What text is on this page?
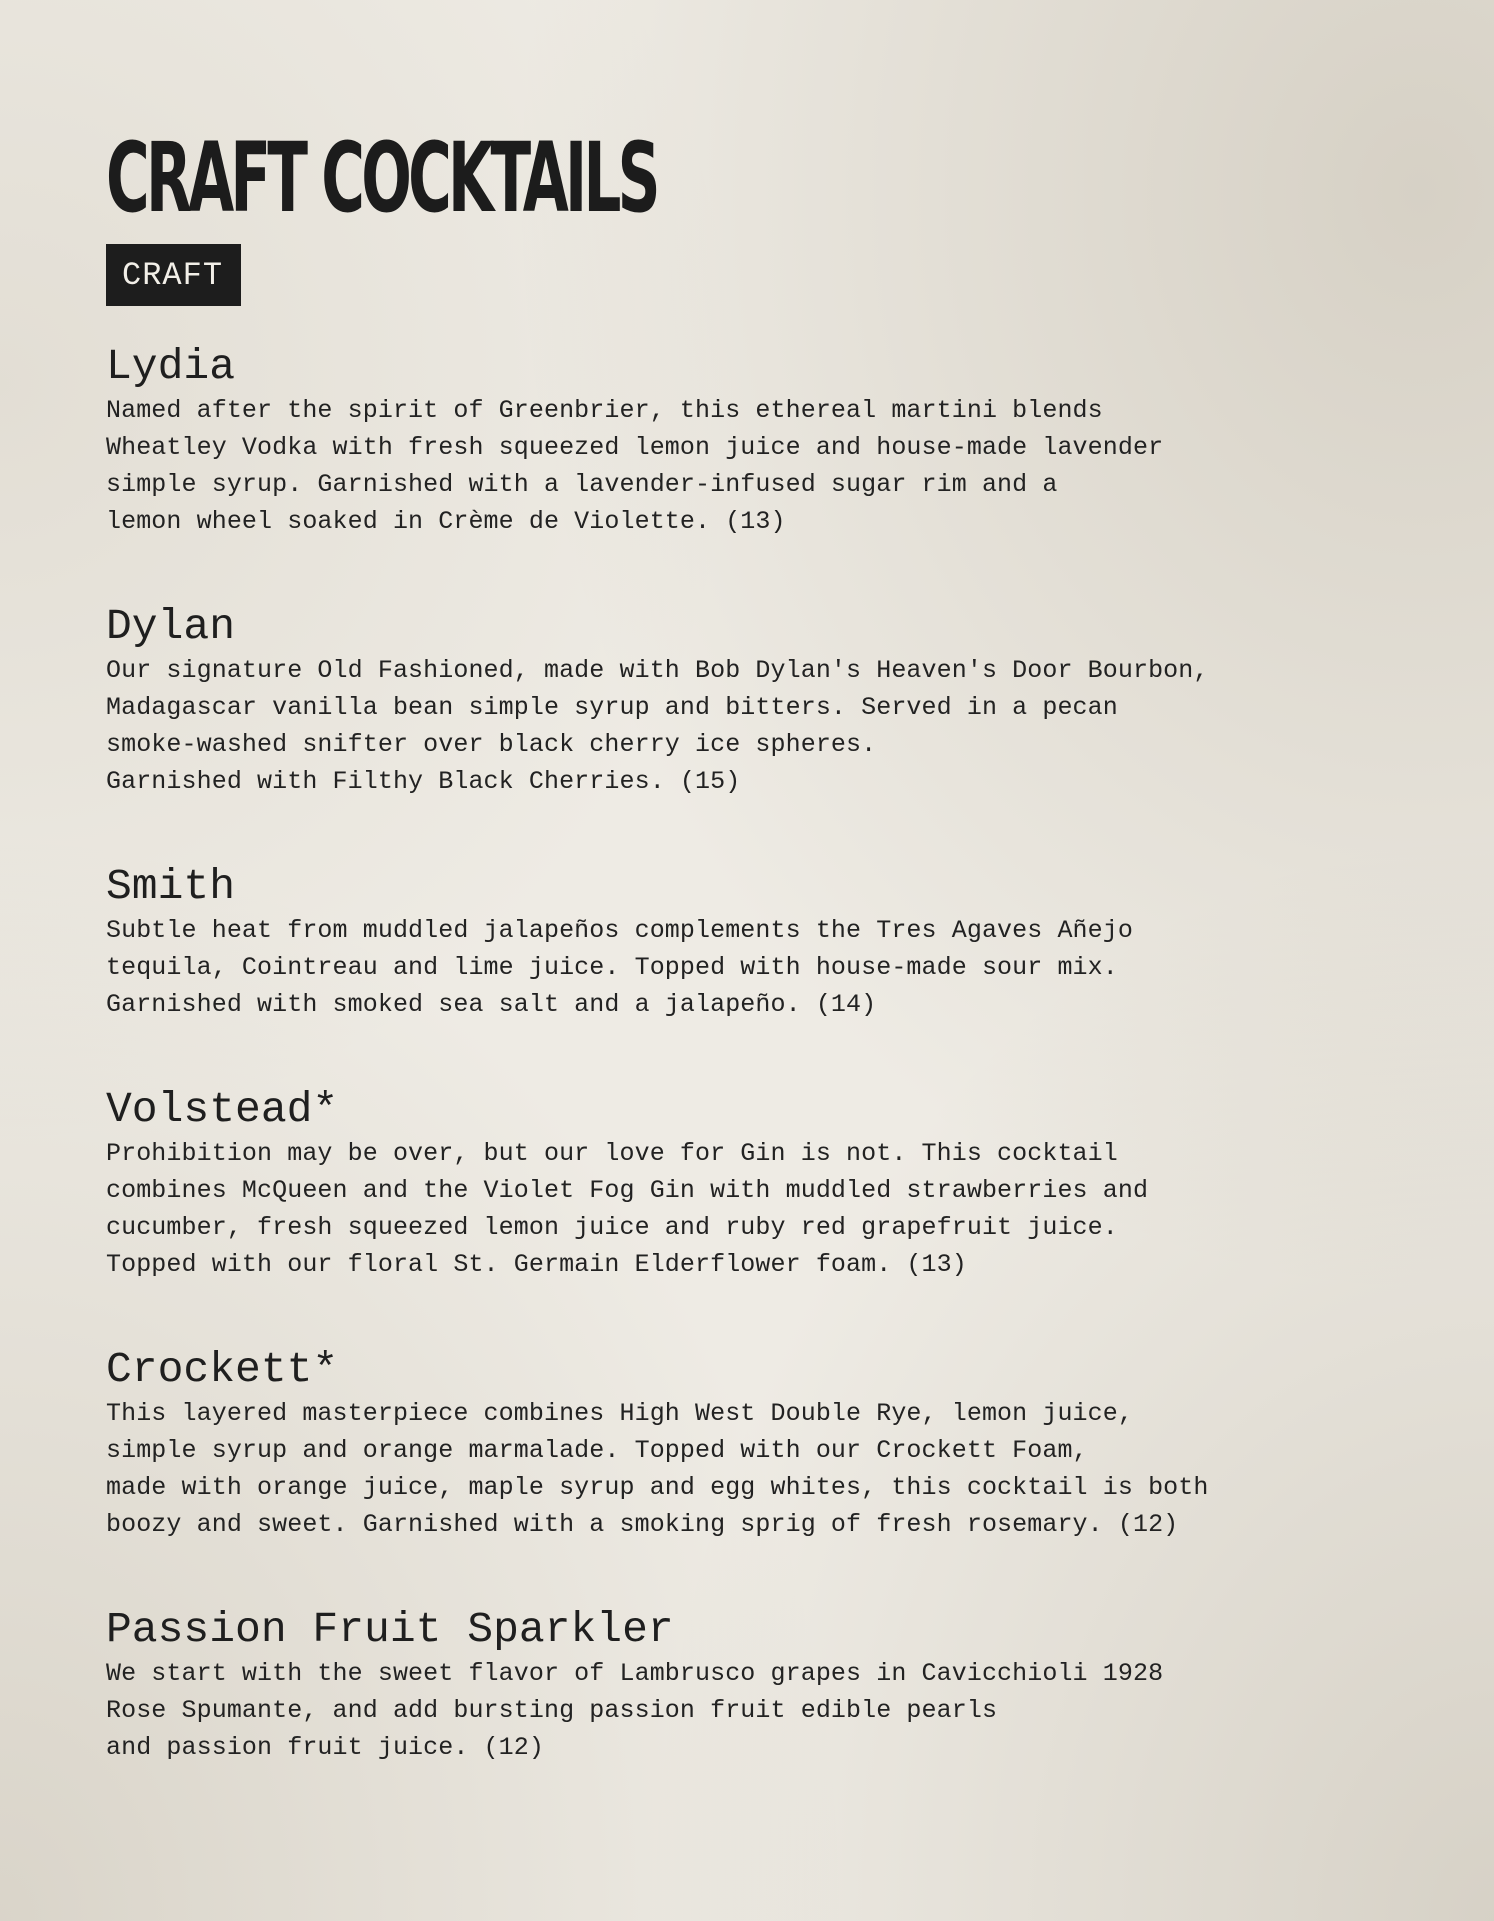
CRAFT COCKTAILS
CRAFT
Lydia
Named after the spirit of Greenbrier, this ethereal martini blends
Wheatley Vodka with fresh squeezed lemon juice and house-made lavender
simple syrup. Garnished with a lavender-infused sugar rim and a
lemon wheel soaked in Crème de Violette. (13)
Dylan
Our signature Old Fashioned, made with Bob Dylan's Heaven's Door Bourbon,
Madagascar vanilla bean simple syrup and bitters. Served in a pecan
smoke-washed snifter over black cherry ice spheres.
Garnished with Filthy Black Cherries. (15)
Smith
Subtle heat from muddled jalapeños complements the Tres Agaves Añejo
tequila, Cointreau and lime juice. Topped with house-made sour mix.
Garnished with smoked sea salt and a jalapeño. (14)
Volstead*
Prohibition may be over, but our love for Gin is not. This cocktail
combines McQueen and the Violet Fog Gin with muddled strawberries and
cucumber, fresh squeezed lemon juice and ruby red grapefruit juice.
Topped with our floral St. Germain Elderflower foam. (13)
Crockett*
This layered masterpiece combines High West Double Rye, lemon juice,
simple syrup and orange marmalade. Topped with our Crockett Foam,
made with orange juice, maple syrup and egg whites, this cocktail is both
boozy and sweet. Garnished with a smoking sprig of fresh rosemary. (12)
Passion Fruit Sparkler
We start with the sweet flavor of Lambrusco grapes in Cavicchioli 1928
Rose Spumante, and add bursting passion fruit edible pearls
and passion fruit juice. (12)
